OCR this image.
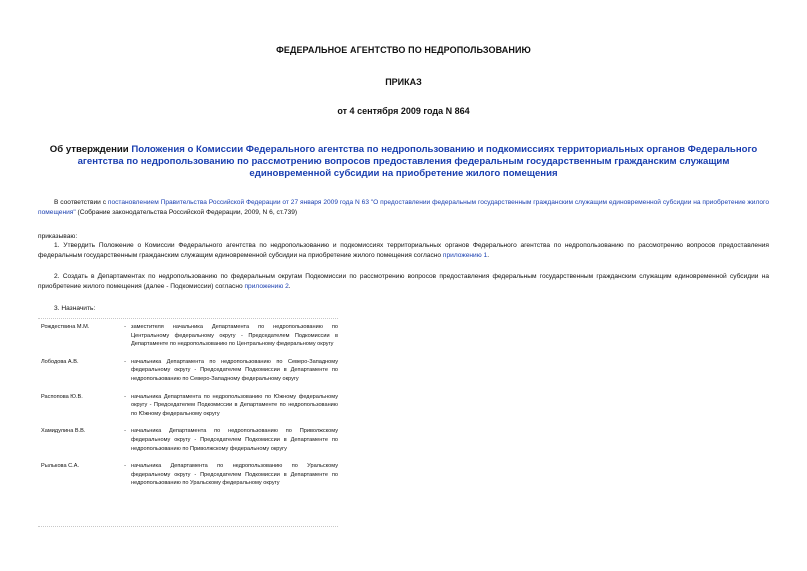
ФЕДЕРАЛЬНОЕ АГЕНТСТВО ПО НЕДРОПОЛЬЗОВАНИЮ
ПРИКАЗ
от 4 сентября 2009 года N 864
Об утверждении Положения о Комиссии Федерального агентства по недропользованию и подкомиссиях территориальных органов Федерального агентства по недропользованию по рассмотрению вопросов предоставления федеральным государственным гражданским служащим единовременной субсидии на приобретение жилого помещения
В соответствии с постановлением Правительства Российской Федерации от 27 января 2009 года N 63 "О предоставлении федеральным государственным гражданским служащим единовременной субсидии на приобретение жилого помещения" (Собрание законодательства Российской Федерации, 2009, N 6, ст.739)
приказываю:
1. Утвердить Положение о Комиссии Федерального агентства по недропользованию и подкомиссиях территориальных органов Федерального агентства по недропользованию по рассмотрению вопросов предоставления федеральным государственным гражданским служащим единовременной субсидии на приобретение жилого помещения согласно приложению 1.
2. Создать в Департаментах по недропользованию по федеральным округам Подкомиссии по рассмотрению вопросов предоставления федеральным государственным гражданским служащим единовременной субсидии на приобретение жилого помещения (далее - Подкомиссии) согласно приложению 2.
3. Назначить:
Рождествина М.М.	-	заместителя начальника Департамента по недропользованию по Центральному федеральному округу - Председателем Подкомиссии в Департаменте по недропользованию по Центральному федеральному округу
Лободова А.В.	-	начальника Департамента по недропользованию по Северо-Западному федеральному округу - Председателем Подкомиссии в Департаменте по недропользованию по Северо-Западному федеральному округу
Распопова Ю.В.	-	начальника Департамента по недропользованию по Южному федеральному округу - Председателем Подкомиссии в Департаменте по недропользованию по Южному федеральному округу
Хамидулина В.В.	-	начальника Департамента по недропользованию по Приволжскому федеральному округу - Председателем Подкомиссии в Департаменте по недропользованию по Приволжскому федеральному округу
Рылькова С.А.	-	начальника Департамента по недропользованию по Уральскому федеральному округу - Председателем Подкомиссии в Департаменте по недропользованию по Уральскому федеральному округу
